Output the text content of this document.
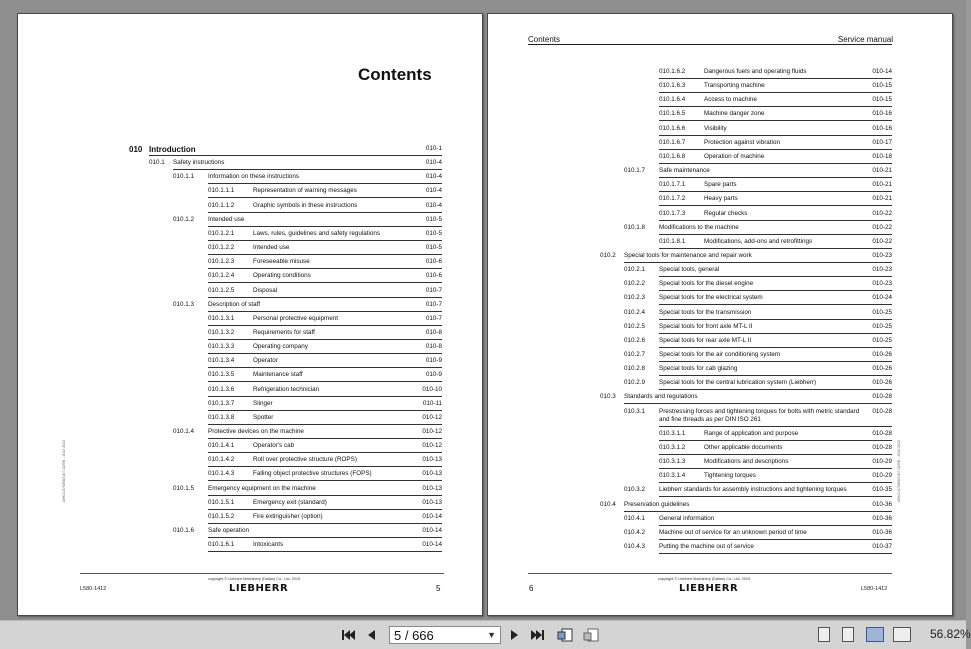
Contents
010 Introduction	010-1
010.1 Safety instructions	010-4
010.1.1 Information on these instructions	010-4
010.1.1.1	Representation of warning messages	010-4
010.1.1.2	Graphic symbols in these instructions	010-4
010.1.2 Intended use	010-5
010.1.2.1	Laws, rules, guidelines and safety regulations	010-5
010.1.2.2	Intended use	010-5
010.1.2.3	Foreseeable misuse	010-6
010.1.2.4	Operating conditions	010-6
010.1.2.5	Disposal	010-7
010.1.3 Description of staff	010-7
010.1.3.1	Personal protective equipment	010-7
010.1.3.2	Requirements for staff	010-8
010.1.3.3	Operating company	010-8
010.1.3.4	Operator	010-9
010.1.3.5	Maintenance staff	010-9
010.1.3.6	Refrigeration technician	010-10
010.1.3.7	Slinger	010-11
010.1.3.8	Spotter	010-12
010.1.4 Protective devices on the machine	010-12
010.1.4.1	Operator's cab	010-12
010.1.4.2	Roll over protective structure (ROPS)	010-13
010.1.4.3	Falling object protective structures (FOPS)	010-13
010.1.5 Emergency equipment on the machine	010-13
010.1.5.1	Emergency exit (standard)	010-13
010.1.5.2	Fire extinguisher (option)	010-14
010.1.6 Safe operation	010-14
010.1.6.1	Intoxicants	010-14
LBH/11875868/1007-02/EN - 2022 2022
L580-1412
copyright © Liebherr Machinery (Dalian) Co., Ltd. 2019
LIEBHERR	5
Contents	Service manual
010.1.6.2	Dangerous fuels and operating fluids	010-14
010.1.6.3	Transporting machine	010-15
010.1.6.4	Access to machine	010-15
010.1.6.5	Machine danger zone	010-16
010.1.6.6	Visibility	010-16
010.1.6.7	Protection against vibration	010-17
010.1.6.8	Operation of machine	010-18
010.1.7 Safe maintenance	010-21
010.1.7.1	Spare parts	010-21
010.1.7.2	Heavy parts	010-21
010.1.7.3	Regular checks	010-22
010.1.8 Modifications to the machine	010-22
010.1.8.1	Modifications, add-ons and retrofittings	010-22
010.2 Special tools for maintenance and repair work	010-23
010.2.1 Special tools, general	010-23
010.2.2 Special tools for the diesel engine	010-23
010.2.3 Special tools for the electrical system	010-24
010.2.4 Special tools for the transmission	010-25
010.2.5 Special tools for front axle MT-L II	010-25
010.2.6 Special tools for rear axle MT-L II	010-25
010.2.7 Special tools for the air conditioning system	010-26
010.2.8 Special tools for cab glazing	010-26
010.2.9 Special tools for the central lubrication system (Liebherr)	010-26
010.3 Standards and regulations	010-28
010.3.1 Prestressing forces and tightening torques for bolts with metric standard and fine threads as per DIN ISO 261
010-28
010.3.1.1	Range of application and purpose	010-28
010.3.1.2	Other applicable documents	010-28
010.3.1.3	Modifications and descriptions	010-29
010.3.1.4	Tightening torques	010-29
010.3.2 Liebherr standards for assembly instructions and tightening torques	010-35
010.4 Preservation guidelines	010-36
010.4.1 General information	010-36
010.4.2 Machine out of service for an unknown period of time	010-36
010.4.3 Putting the machine out of service	010-37
LBH/11875868/1007-02/EN - 2022 2022
6
copyright © Liebherr Machinery (Dalian) Co., Ltd. 2019
LIEBHERR	L580-1412
5 / 666	▼	56.82%
